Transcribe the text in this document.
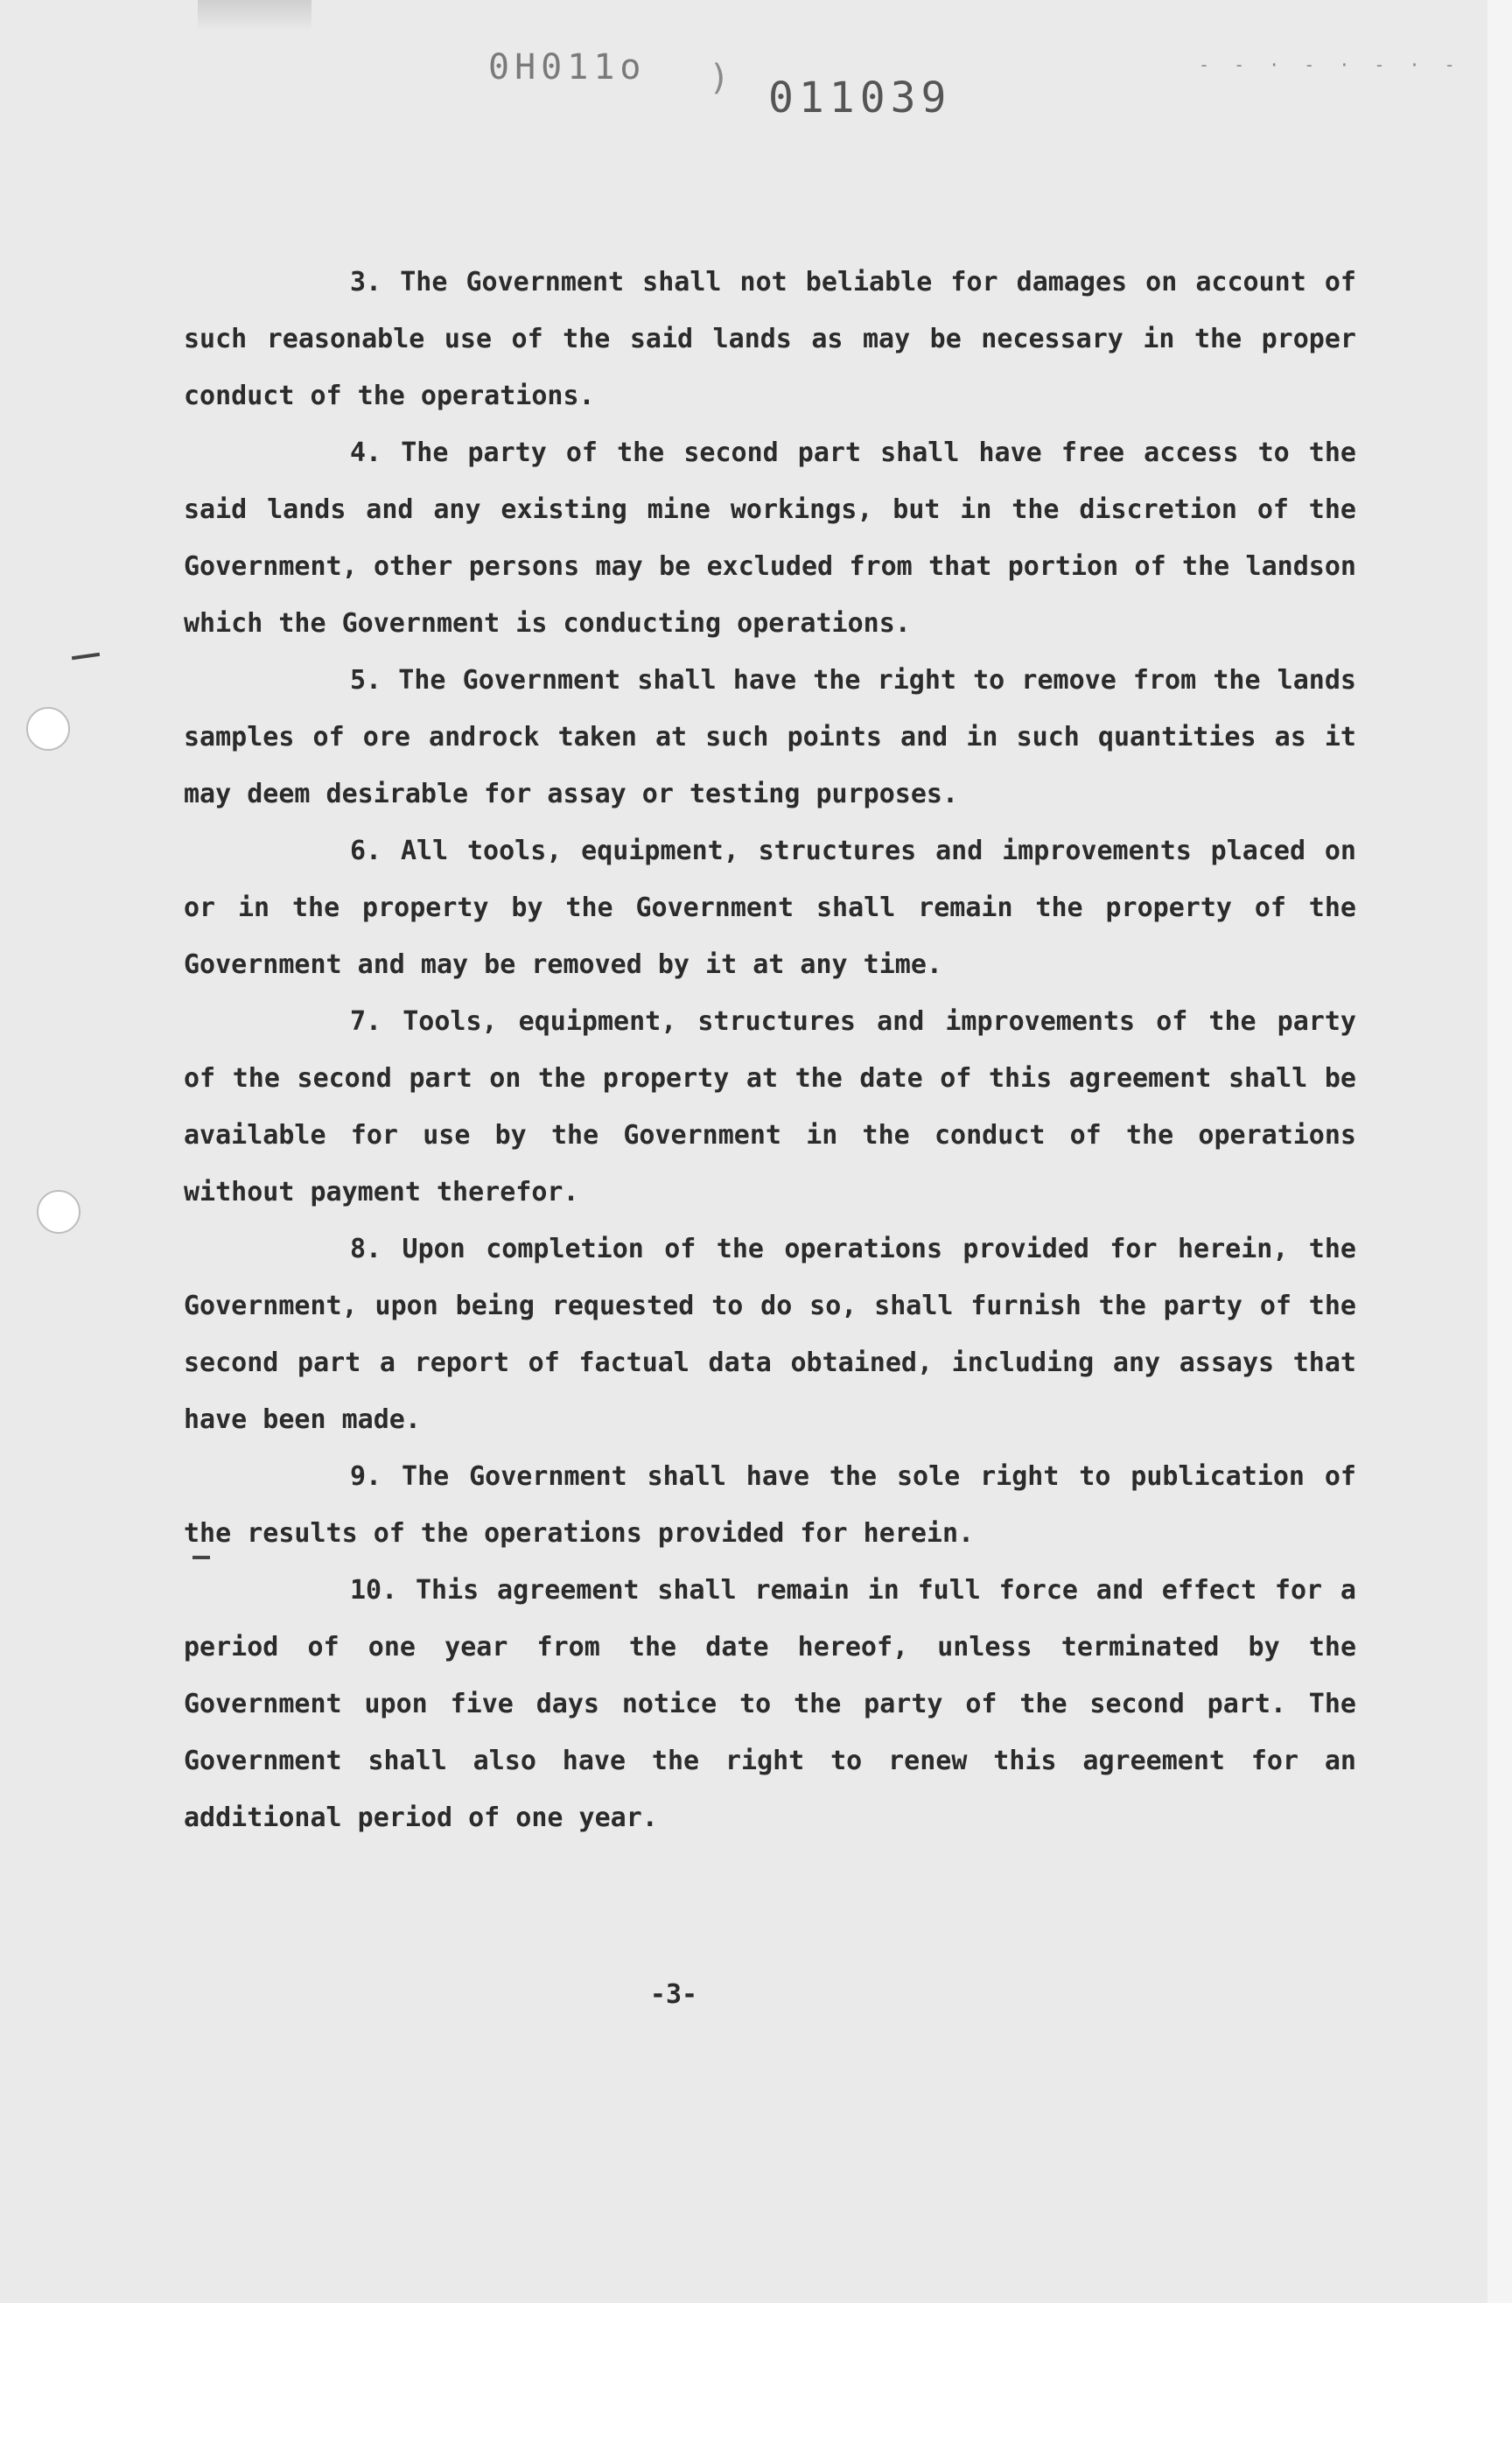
0H011o ) 011039
- - · - · - · -

3. The Government shall not beliable for damages on account of such reasonable use of the said lands as may be necessary in the proper conduct of the operations.

4. The party of the second part shall have free access to the said lands and any existing mine workings, but in the discretion of the Government, other persons may be excluded from that portion of the landson which the Government is conducting operations.

5. The Government shall have the right to remove from the lands samples of ore androck taken at such points and in such quantities as it may deem desirable for assay or testing purposes.

6. All tools, equipment, structures and improvements placed on or in the property by the Government shall remain the property of the Government and may be removed by it at any time.

7. Tools, equipment, structures and improvements of the party of the second part on the property at the date of this agreement shall be available for use by the Government in the conduct of the operations without payment therefor.

8. Upon completion of the operations provided for herein, the Government, upon being requested to do so, shall furnish the party of the second part a report of factual data obtained, including any assays that have been made.

9. The Government shall have the sole right to publication of the results of the operations provided for herein.

10. This agreement shall remain in full force and effect for a period of one year from the date hereof, unless terminated by the Government upon five days notice to the party of the second part. The Government shall also have the right to renew this agreement for an additional period of one year.

-3-
